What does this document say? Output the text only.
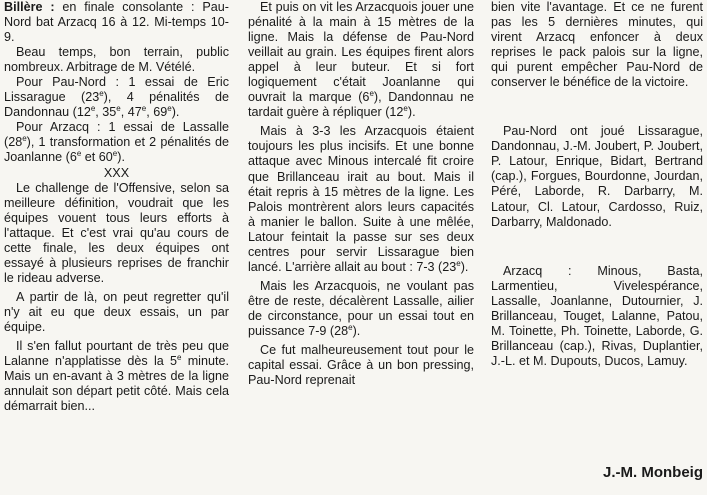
Billère : en finale consolante : Pau-Nord bat Arzacq 16 à 12. Mi-temps 10-9.

Beau temps, bon terrain, public nombreux. Arbitrage de M. Vétélé.

Pour Pau-Nord : 1 essai de Eric Lissarague (23e), 4 pénalités de Dandonnau (12e, 35e, 47e, 69e).

Pour Arzacq : 1 essai de Lassalle (28e), 1 transformation et 2 pénalités de Joanlanne (6e et 60e).

XXX

Le challenge de l'Offensive, selon sa meilleure définition, voudrait que les équipes vouent tous leurs efforts à l'attaque. Et c'est vrai qu'au cours de cette finale, les deux équipes ont essayé à plusieurs reprises de franchir le rideau adverse.

A partir de là, on peut regretter qu'il n'y ait eu que deux essais, un par équipe.

Il s'en fallut pourtant de très peu que Lalanne n'applatisse dès la 5e minute. Mais un en-avant à 3 mètres de la ligne annulait son départ petit côté. Mais cela démarrait bien...

Et puis on vit les Arzacquois jouer une pénalité à la main à 15 mètres de la ligne. Mais la défense de Pau-Nord veillait au grain. Les équipes firent alors appel à leur buteur. Et si fort logiquement c'était Joanlanne qui ouvrait la marque (6e), Dandonnau ne tardait guère à répliquer (12e).

Mais à 3-3 les Arzacquois étaient toujours les plus incisifs. Et une bonne attaque avec Minous intercalé fit croire que Brillanceau irait au bout. Mais il était repris à 15 mètres de la ligne. Les Palois montrèrent alors leurs capacités à manier le ballon. Suite à une mêlée, Latour feintait la passe sur ses deux centres pour servir Lissarague bien lancé. L'arrière allait au bout : 7-3 (23e).

Mais les Arzacquois, ne voulant pas être de reste, décalèrent Lassalle, ailier de circonstance, pour un essai tout en puissance 7-9 (28e).

Ce fut malheureusement tout pour le capital essai. Grâce à un bon pressing, Pau-Nord reprenait

bien vite l'avantage. Et ce ne furent pas les 5 dernières minutes, qui virent Arzacq enfoncer à deux reprises le pack palois sur la ligne, qui purent empêcher Pau-Nord de conserver le bénéfice de la victoire.

Pau-Nord ont joué Lissarague, Dandonnau, J.-M. Joubert, P. Joubert, P. Latour, Enrique, Bidart, Bertrand (cap.), Forgues, Bourdonne, Jourdan, Péré, Laborde, R. Darbarry, M. Latour, Cl. Latour, Cardosso, Ruiz, Darbarry, Maldonado.

Arzacq : Minous, Basta, Larmentieu, Vivelespérance, Lassalle, Joanlanne, Dutournier, J. Brillanceau, Touget, Lalanne, Patou, M. Toinette, Ph. Toinette, Laborde, G. Brillanceau (cap.), Rivas, Duplantier, J.-L. et M. Dupouts, Ducos, Lamuy.

J.-M. Monbeig
